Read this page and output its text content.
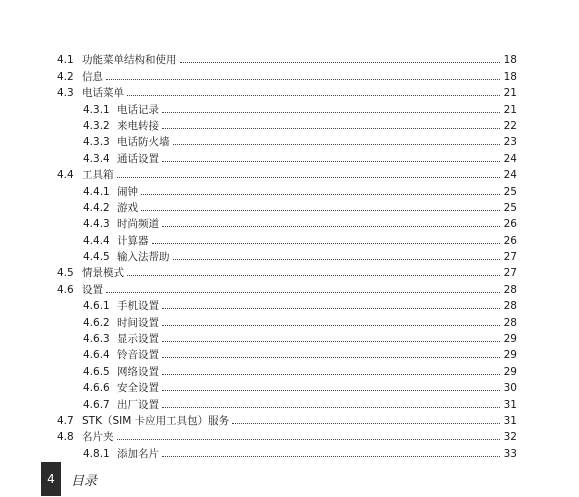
4.1 功能菜单结构和使用	18
4.2 信息	18
4.3 电话菜单	21
4.3.1 电话记录	21
4.3.2 来电转接	22
4.3.3 电话防火墙	23
4.3.4 通话设置	24
4.4 工具箱	24
4.4.1 闹钟	25
4.4.2 游戏	25
4.4.3 时尚频道	26
4.4.4 计算器	26
4.4.5 输入法帮助	27
4.5 情景模式	27
4.6 设置	28
4.6.1 手机设置	28
4.6.2 时间设置	28
4.6.3 显示设置	29
4.6.4 铃音设置	29
4.6.5 网络设置	29
4.6.6 安全设置	30
4.6.7 出厂设置	31
4.7 STK（SIM 卡应用工具包）服务	31
4.8 名片夹	32
4.8.1 添加名片	33
4	目录
